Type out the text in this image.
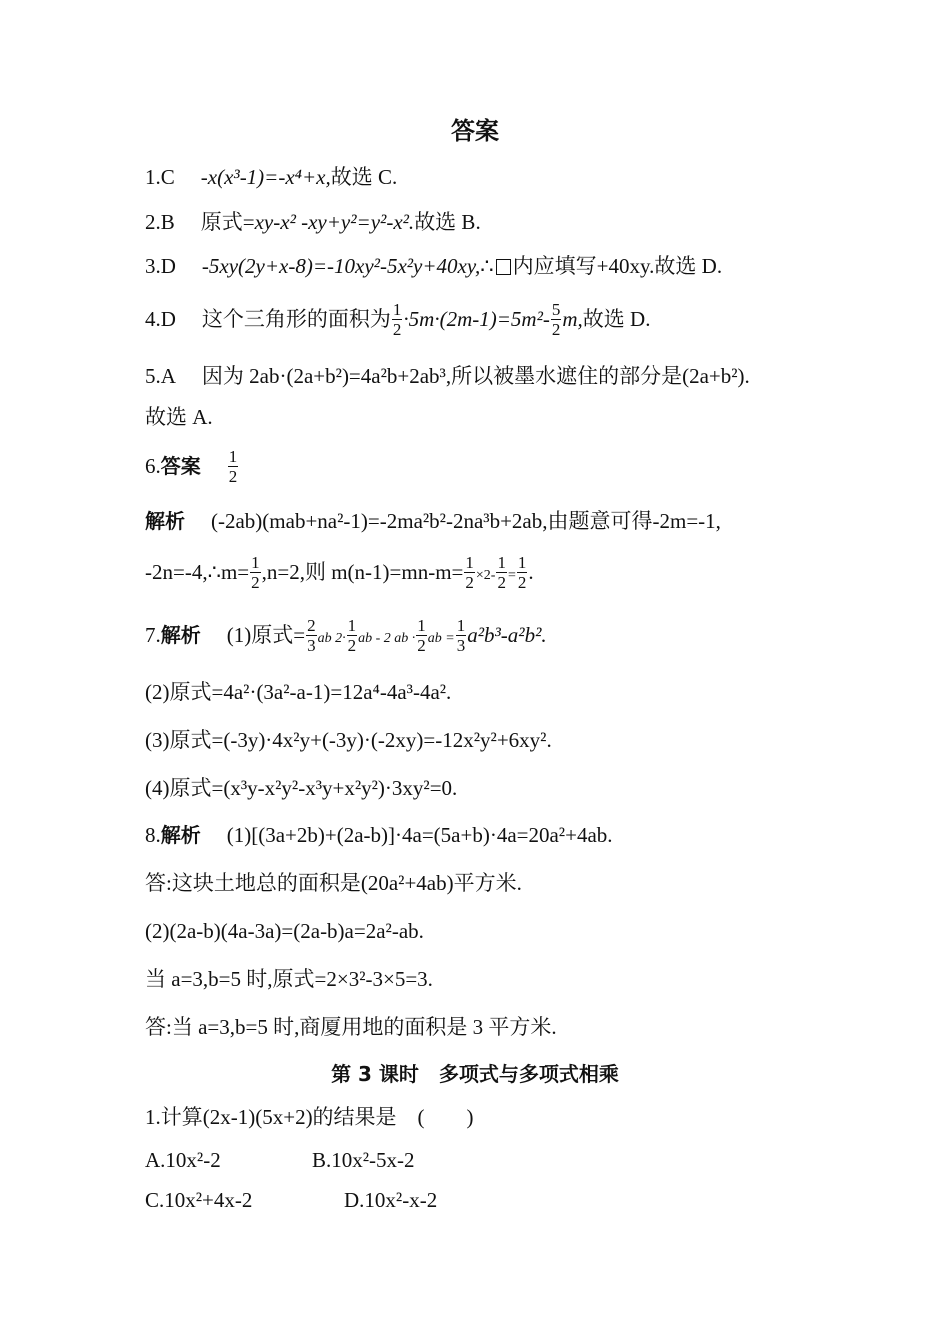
答案
1.C -x(x³-1)=-x⁴+x,故选 C.
2.B 原式=xy-x² -xy+y²=y²-x².故选 B.
3.D -5xy(2y+x-8)=-10xy²-5x²y+40xy,∴ 内应填写+40xy.故选 D.
4.D 这个三角形的面积为 $\frac{1}{2} \cdot 5m\cdot(2m-1)=5m^2- \frac{5}{2} m$,故选 D.
5.A 因为 2ab·(2a+b²)=4a²b+2ab³,所以被墨水遮住的部分是(2a+b²).
故选 A.
6.答案 $\frac{1}{2}$
解析 (-2ab)(mab+na²-1)=-2ma²b²-2na³b+2ab,由题意可得-2m=-1,
-2n=-4,∴m= $\frac{1}{2} ,n=2$,则 $m(n-1)=mn-m= \frac{1}{2} \times 2- \frac{1}{2} = \frac{1}{2}$ .
7.解析 (1)原式= $\frac{2}{3}$ ab $2\cdot \frac{1}{2}$ ab - 2 ab · $\frac{1}{2}$ ab = $\frac{1}{3} a^2b^3-a^2b^2$.
(2)原式=4a²·(3a²-a-1)=12a⁴-4a³-4a².
(3)原式=(-3y)·4x²y+(-3y)·(-2xy)=-12x²y²+6xy².
(4)原式=(x³y-x²y²-x³y+x²y²)·3xy²=0.
8.解析 (1)[(3a+2b)+(2a-b)]·4a=(5a+b)·4a=20a²+4ab.
答:这块土地总的面积是(20a²+4ab)平方米.
(2)(2a-b)(4a-3a)=(2a-b)a=2a²-ab.
当 a=3,b=5 时,原式=2×3²-3×5=3.
答:当 a=3,b=5 时,商厦用地的面积是 3 平方米.
第 3 课时　多项式与多项式相乘
1.计算(2x-1)(5x+2)的结果是　(　　)
A.10x²-2	B.10x²-5x-2
C.10x²+4x-2	D.10x²-x-2
